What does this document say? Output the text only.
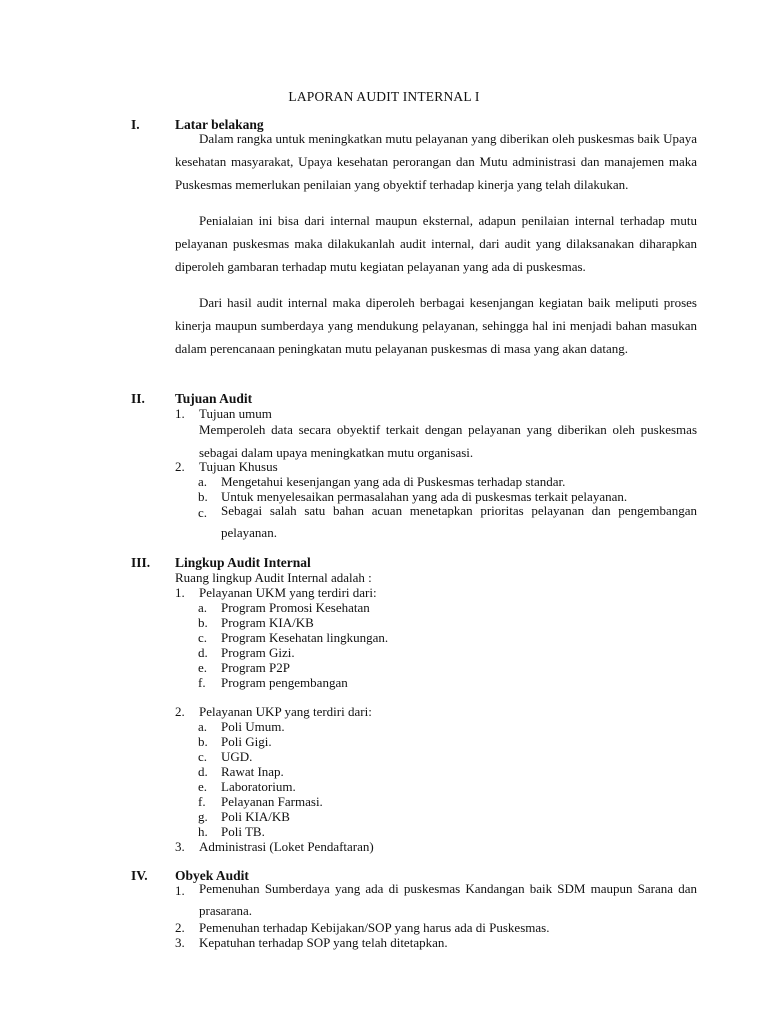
LAPORAN AUDIT INTERNAL I
I.	Latar belakang

Dalam rangka untuk meningkatkan mutu pelayanan yang diberikan oleh puskesmas baik Upaya kesehatan masyarakat, Upaya kesehatan perorangan dan Mutu administrasi dan manajemen maka Puskesmas memerlukan penilaian yang obyektif terhadap kinerja yang telah dilakukan.

Penialaian ini bisa dari internal maupun eksternal, adapun penilaian internal terhadap mutu pelayanan puskesmas maka dilakukanlah audit internal, dari audit yang dilaksanakan diharapkan diperoleh gambaran terhadap mutu kegiatan pelayanan yang ada di puskesmas.

Dari hasil audit internal maka diperoleh berbagai kesenjangan kegiatan baik meliputi proses kinerja maupun sumberdaya yang mendukung pelayanan, sehingga hal ini menjadi bahan masukan dalam perencanaan peningkatan mutu pelayanan puskesmas di masa yang akan datang.

II. Tujuan Audit
1. Tujuan umum

Memperoleh data secara obyektif terkait dengan pelayanan yang diberikan oleh puskesmas sebagai dalam upaya meningkatkan mutu organisasi.

2. Tujuan Khusus
a. Mengetahui kesenjangan yang ada di Puskesmas terhadap standar.
b. Untuk menyelesaikan permasalahan yang ada di puskesmas terkait pelayanan.
c. Sebagai salah satu bahan acuan menetapkan prioritas pelayanan dan pengembangan pelayanan.

III. Lingkup Audit Internal
Ruang lingkup Audit Internal adalah :
1. Pelayanan UKM yang terdiri dari:
a. Program Promosi Kesehatan
b. Program KIA/KB
c. Program Kesehatan lingkungan.
d. Program Gizi.
e. Program P2P
f. Program pengembangan
2. Pelayanan UKP yang terdiri dari:
a. Poli Umum.
b. Poli Gigi.
c. UGD.
d. Rawat Inap.
e. Laboratorium.
f. Pelayanan Farmasi.
g. Poli KIA/KB
h. Poli TB.
3. Administrasi (Loket Pendaftaran)
IV. Obyek Audit
1. Pemenuhan Sumberdaya yang ada di puskesmas Kandangan baik SDM maupun Sarana dan prasarana.

2. Pemenuhan terhadap Kebijakan/SOP yang harus ada di Puskesmas.
3. Kepatuhan terhadap SOP yang telah ditetapkan.
